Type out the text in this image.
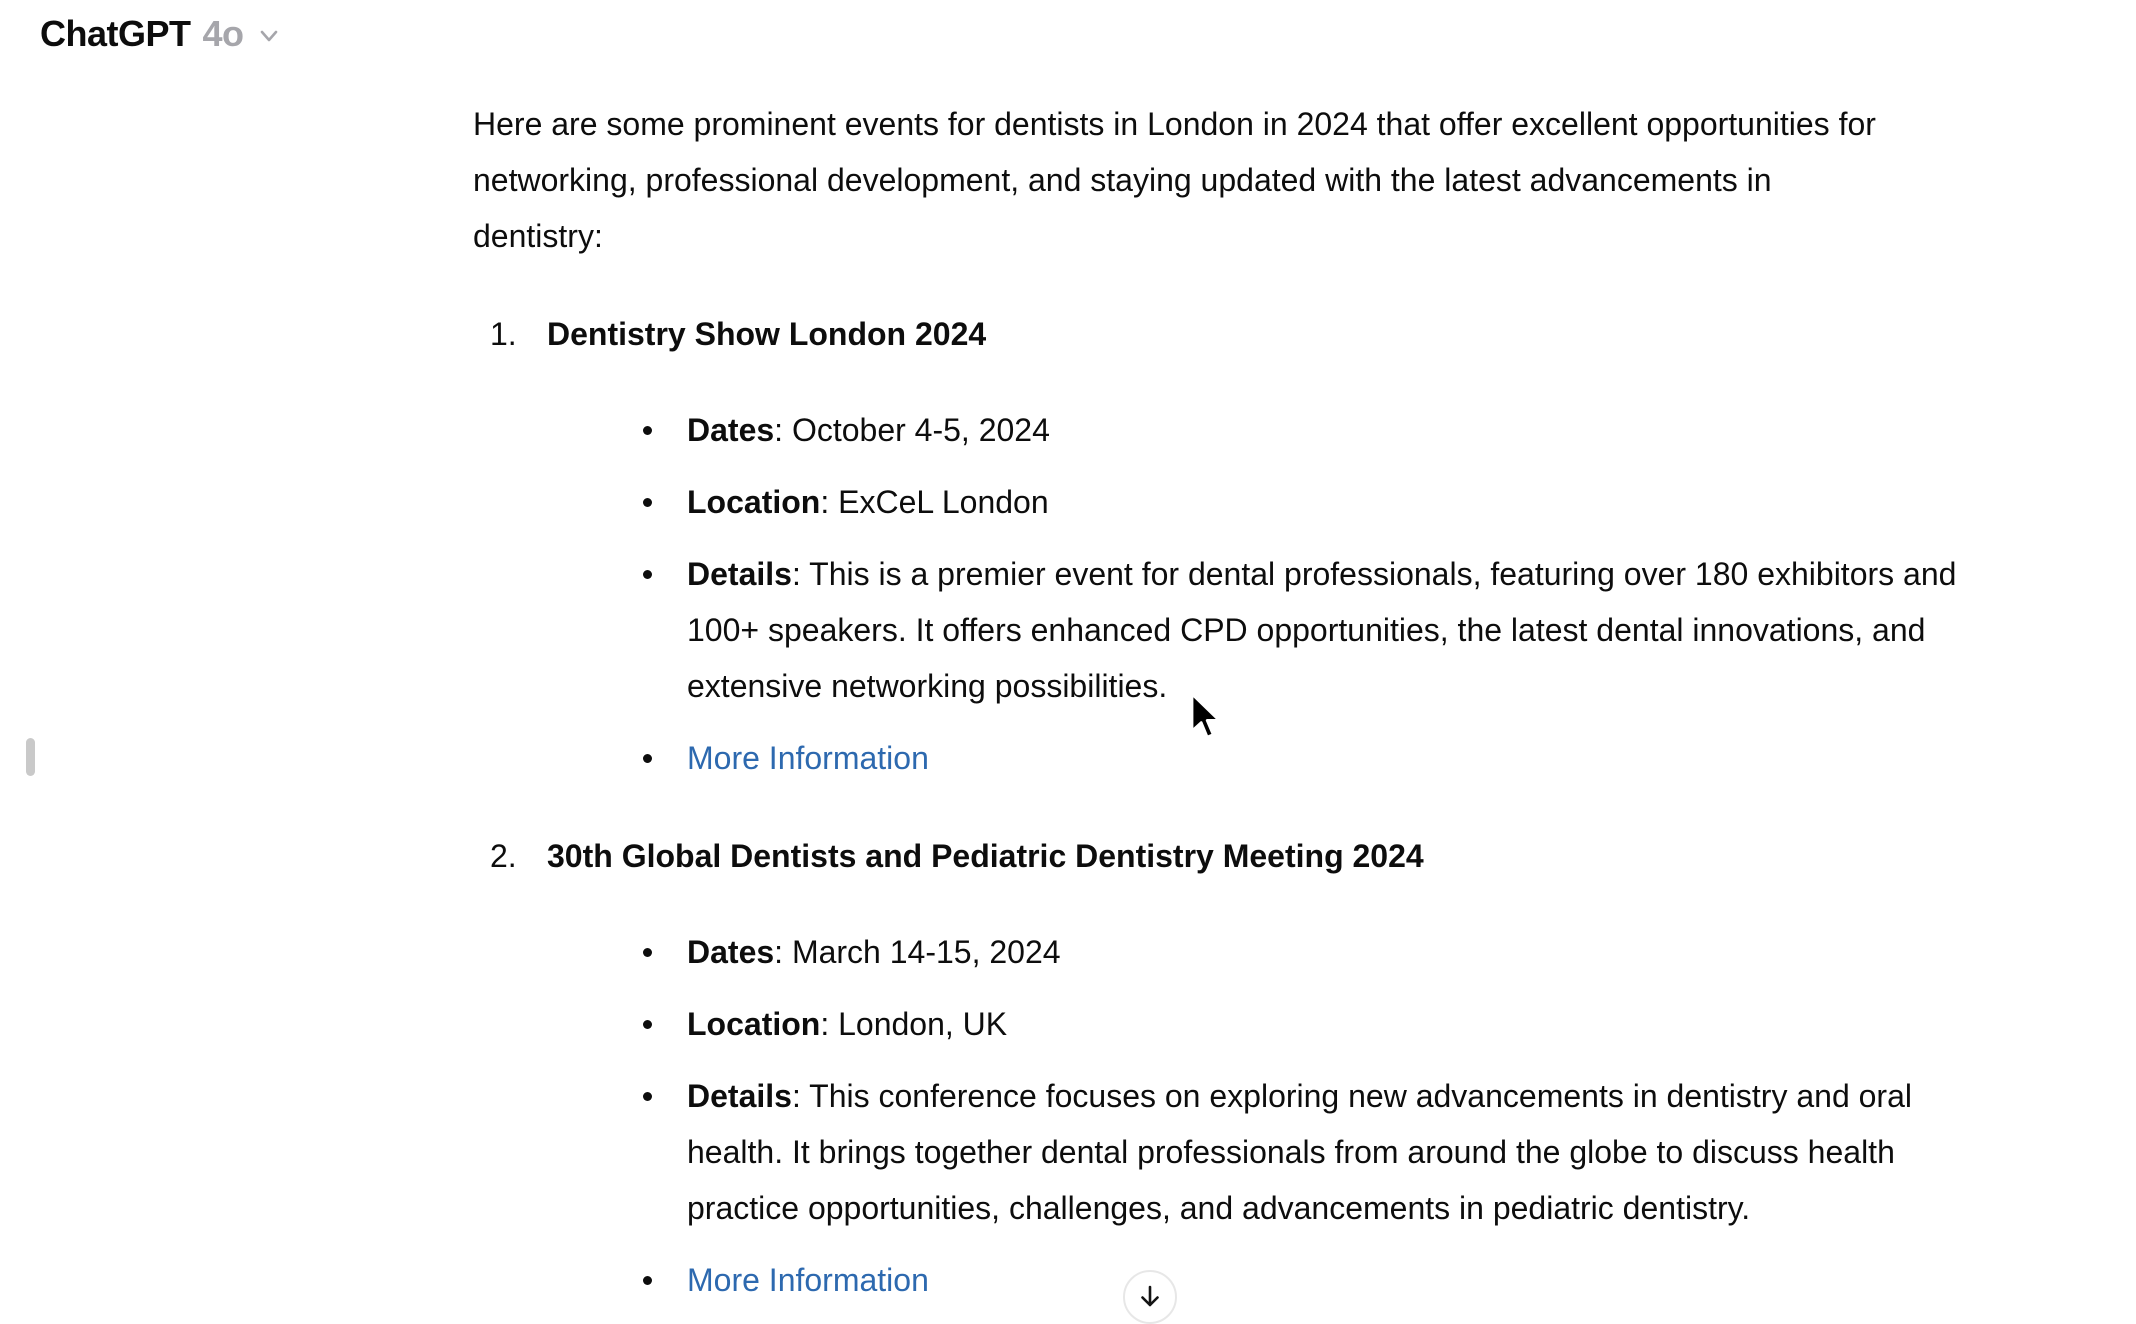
ChatGPT 4o
Here are some prominent events for dentists in London in 2024 that offer excellent opportunities for
networking, professional development, and staying updated with the latest advancements in
dentistry:
1. Dentistry Show London 2024
Dates: October 4-5, 2024
Location: ExCeL London
Details: This is a premier event for dental professionals, featuring over 180 exhibitors and
100+ speakers. It offers enhanced CPD opportunities, the latest dental innovations, and
extensive networking possibilities.
More Information
2. 30th Global Dentists and Pediatric Dentistry Meeting 2024
Dates: March 14-15, 2024
Location: London, UK
Details: This conference focuses on exploring new advancements in dentistry and oral
health. It brings together dental professionals from around the globe to discuss health
practice opportunities, challenges, and advancements in pediatric dentistry.
More Information
